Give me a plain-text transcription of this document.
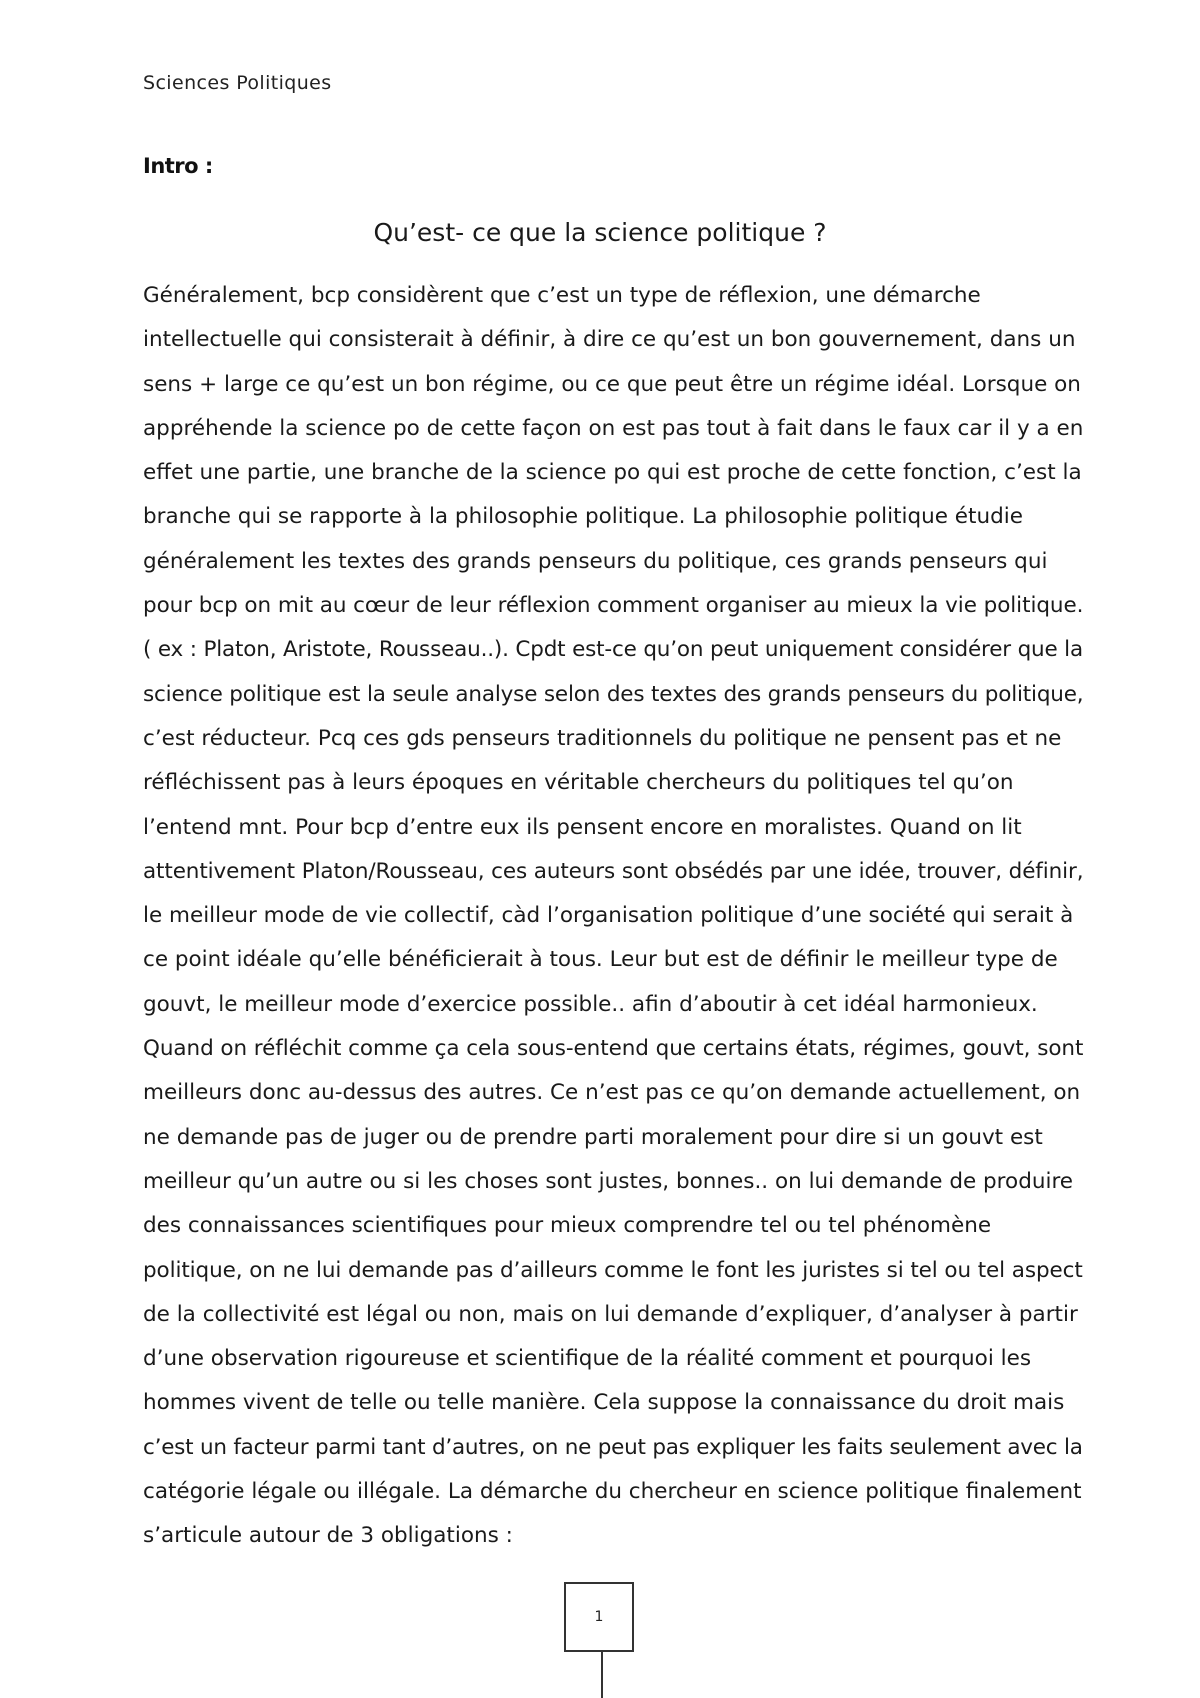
Sciences Politiques
Intro :
Qu’est- ce que la science politique ?
Généralement, bcp considèrent que c’est un type de réflexion, une démarche
intellectuelle qui consisterait à définir, à dire ce qu’est un bon gouvernement, dans un
sens + large ce qu’est un bon régime, ou ce que peut être un régime idéal. Lorsque on
appréhende la science po de cette façon on est pas tout à fait dans le faux car il y a en
effet une partie, une branche de la science po qui est proche de cette fonction, c’est la
branche qui se rapporte à la philosophie politique. La philosophie politique étudie
généralement les textes des grands penseurs du politique, ces grands penseurs qui
pour bcp on mit au cœur de leur réflexion comment organiser au mieux la vie politique.
( ex : Platon, Aristote, Rousseau..). Cpdt est-ce qu’on peut uniquement considérer que la
science politique est la seule analyse selon des textes des grands penseurs du politique,
c’est réducteur. Pcq ces gds penseurs traditionnels du politique ne pensent pas et ne
réfléchissent pas à leurs époques en véritable chercheurs du politiques tel qu’on
l’entend mnt. Pour bcp d’entre eux ils pensent encore en moralistes. Quand on lit
attentivement Platon/Rousseau, ces auteurs sont obsédés par une idée, trouver, définir,
le meilleur mode de vie collectif, càd l’organisation politique d’une société qui serait à
ce point idéale qu’elle bénéficierait à tous. Leur but est de définir le meilleur type de
gouvt, le meilleur mode d’exercice possible.. afin d’aboutir à cet idéal harmonieux.
Quand on réfléchit comme ça cela sous-entend que certains états, régimes, gouvt, sont
meilleurs donc au-dessus des autres. Ce n’est pas ce qu’on demande actuellement, on
ne demande pas de juger ou de prendre parti moralement pour dire si un gouvt est
meilleur qu’un autre ou si les choses sont justes, bonnes.. on lui demande de produire
des connaissances scientifiques pour mieux comprendre tel ou tel phénomène
politique, on ne lui demande pas d’ailleurs comme le font les juristes si tel ou tel aspect
de la collectivité est légal ou non, mais on lui demande d’expliquer, d’analyser à partir
d’une observation rigoureuse et scientifique de la réalité comment et pourquoi les
hommes vivent de telle ou telle manière. Cela suppose la connaissance du droit mais
c’est un facteur parmi tant d’autres, on ne peut pas expliquer les faits seulement avec la
catégorie légale ou illégale. La démarche du chercheur en science politique finalement
s’articule autour de 3 obligations :
1
